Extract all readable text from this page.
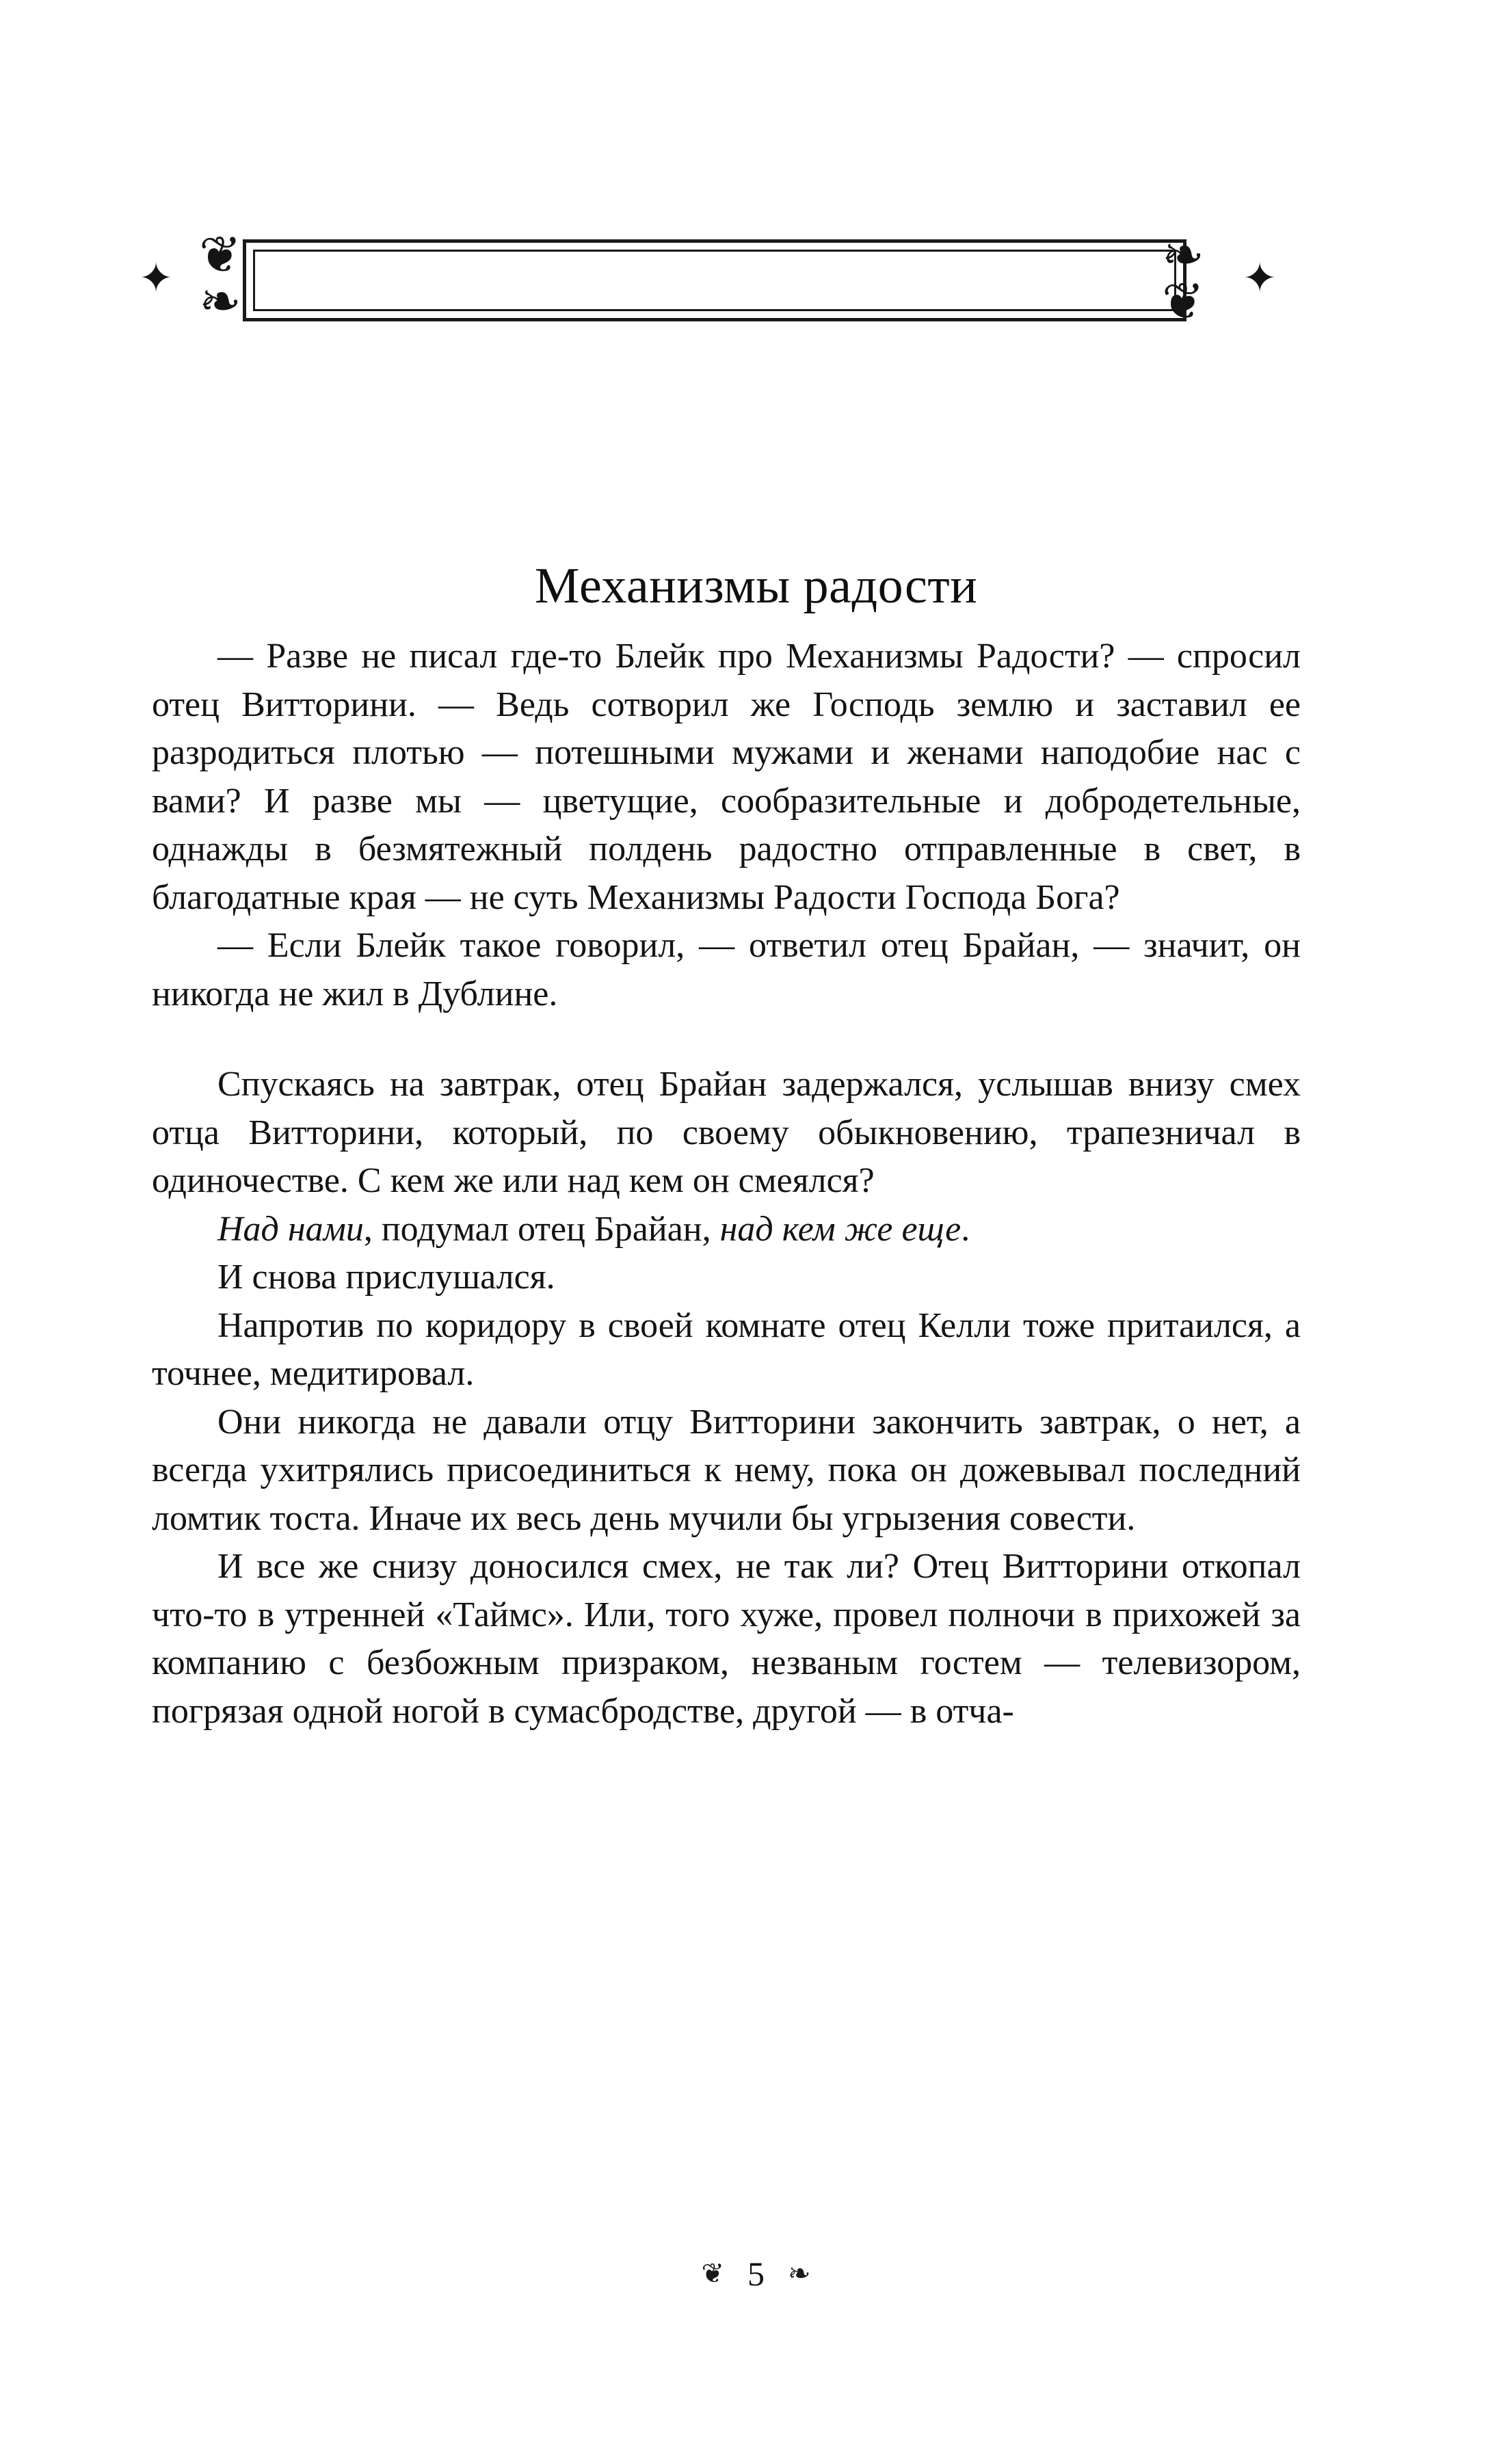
✦ ❦
❧
❧
❦ ✦
Механизмы радости

— Разве не писал где-то Блейк про Механизмы Радости? — спросил отец Витторини. — Ведь сотворил же Господь землю и заставил ее разродиться плотью — потешными мужами и женами наподобие нас с вами? И разве мы — цветущие, сообразительные и добродетельные, однажды в безмятежный полдень радостно отправленные в свет, в благодатные края — не суть Механизмы Радости Господа Бога?

— Если Блейк такое говорил, — ответил отец Брайан, — значит, он никогда не жил в Дублине.

Спускаясь на завтрак, отец Брайан задержался, услышав внизу смех отца Витторини, который, по своему обыкновению, трапезничал в одиночестве. С кем же или над кем он смеялся?

Над нами, подумал отец Брайан, над кем же еще.

И снова прислушался.

Напротив по коридору в своей комнате отец Келли тоже притаился, а точнее, медитировал.

Они никогда не давали отцу Витторини закончить завтрак, о нет, а всегда ухитрялись присоединиться к нему, пока он дожевывал последний ломтик тоста. Иначе их весь день мучили бы угрызения совести.

И все же снизу доносился смех, не так ли? Отец Витторини откопал что-то в утренней «Таймс». Или, того хуже, провел полночи в прихожей за компанию с безбожным призраком, незваным гостем — телевизором, погрязая одной ногой в сумасбродстве, другой — в отча-

❦ 5 ❧
